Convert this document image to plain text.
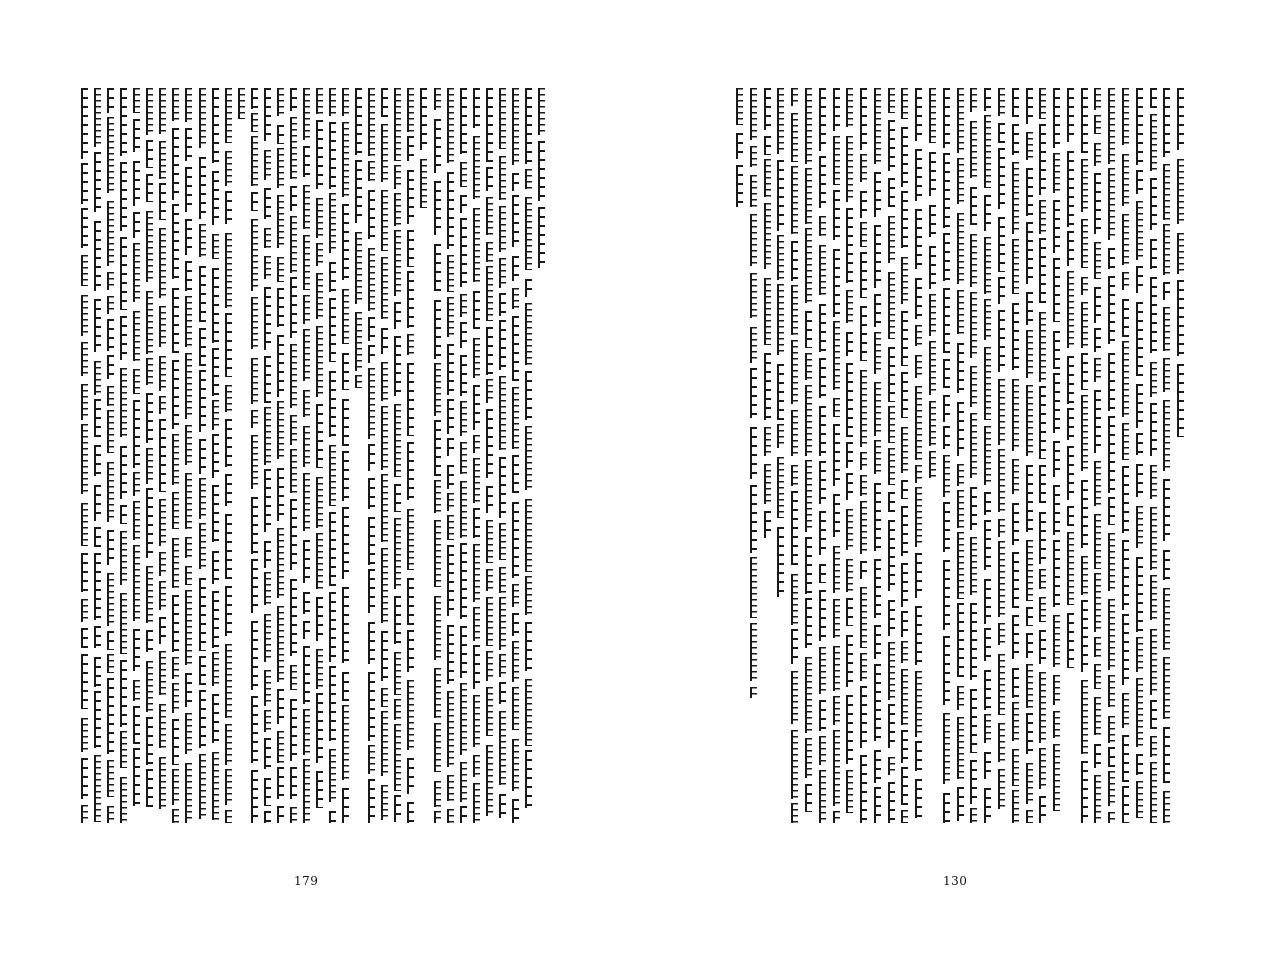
179	130
